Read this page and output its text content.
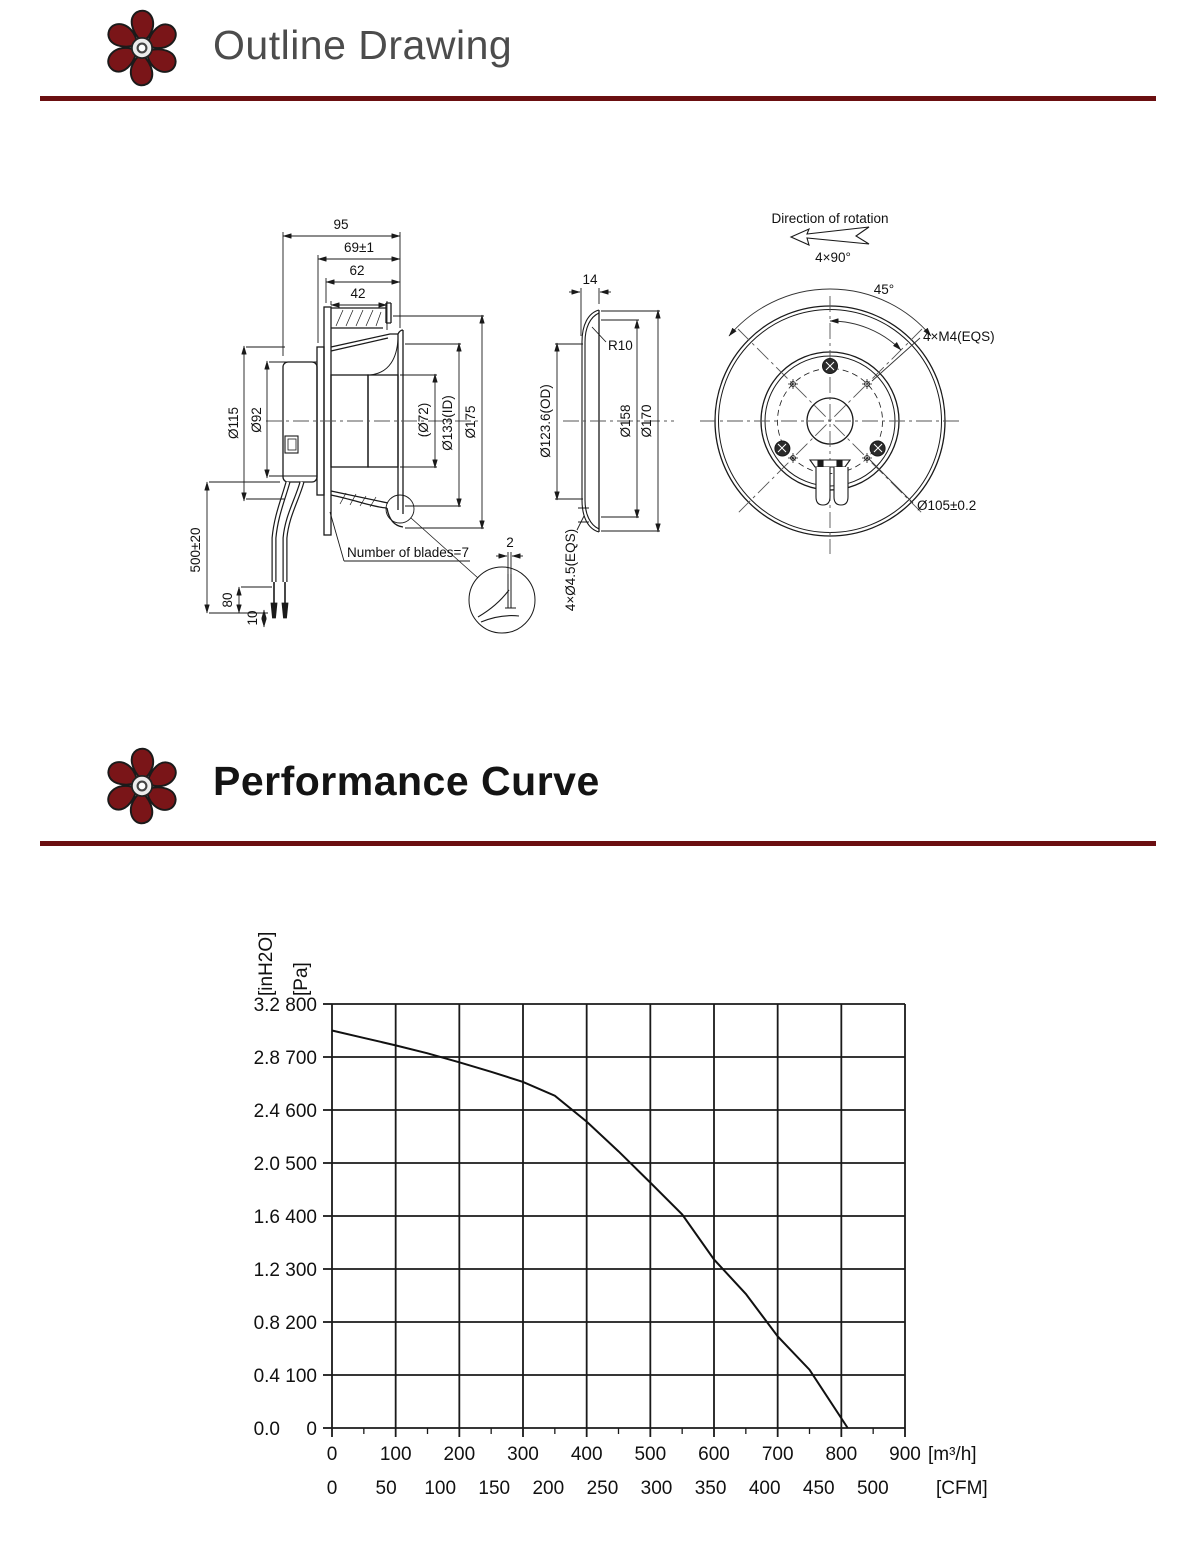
Outline Drawing
95
69±1
62
42
Ø115 Ø92	(Ø72) Ø133(ID) Ø175
500±20
80
10
Number of blades=7
2
14
R10
Ø123.6(OD)	Ø158 Ø170
4×Ø4.5(EQS)
Direction of rotation
4×90°
45°
4×M4(EQS)
Ø105±0.2
Performance Curve
0 100 200 300 400 500 600 700 800 900 [m³/h]
0 50 100 150 200 250 300 350 400 450 500 [CFM]
0
0.0
100
0.4
200
0.8
300
1.2
400
1.6
500
2.0
600
2.4
700
2.8
800
3.2
[inH2O] [Pa]
